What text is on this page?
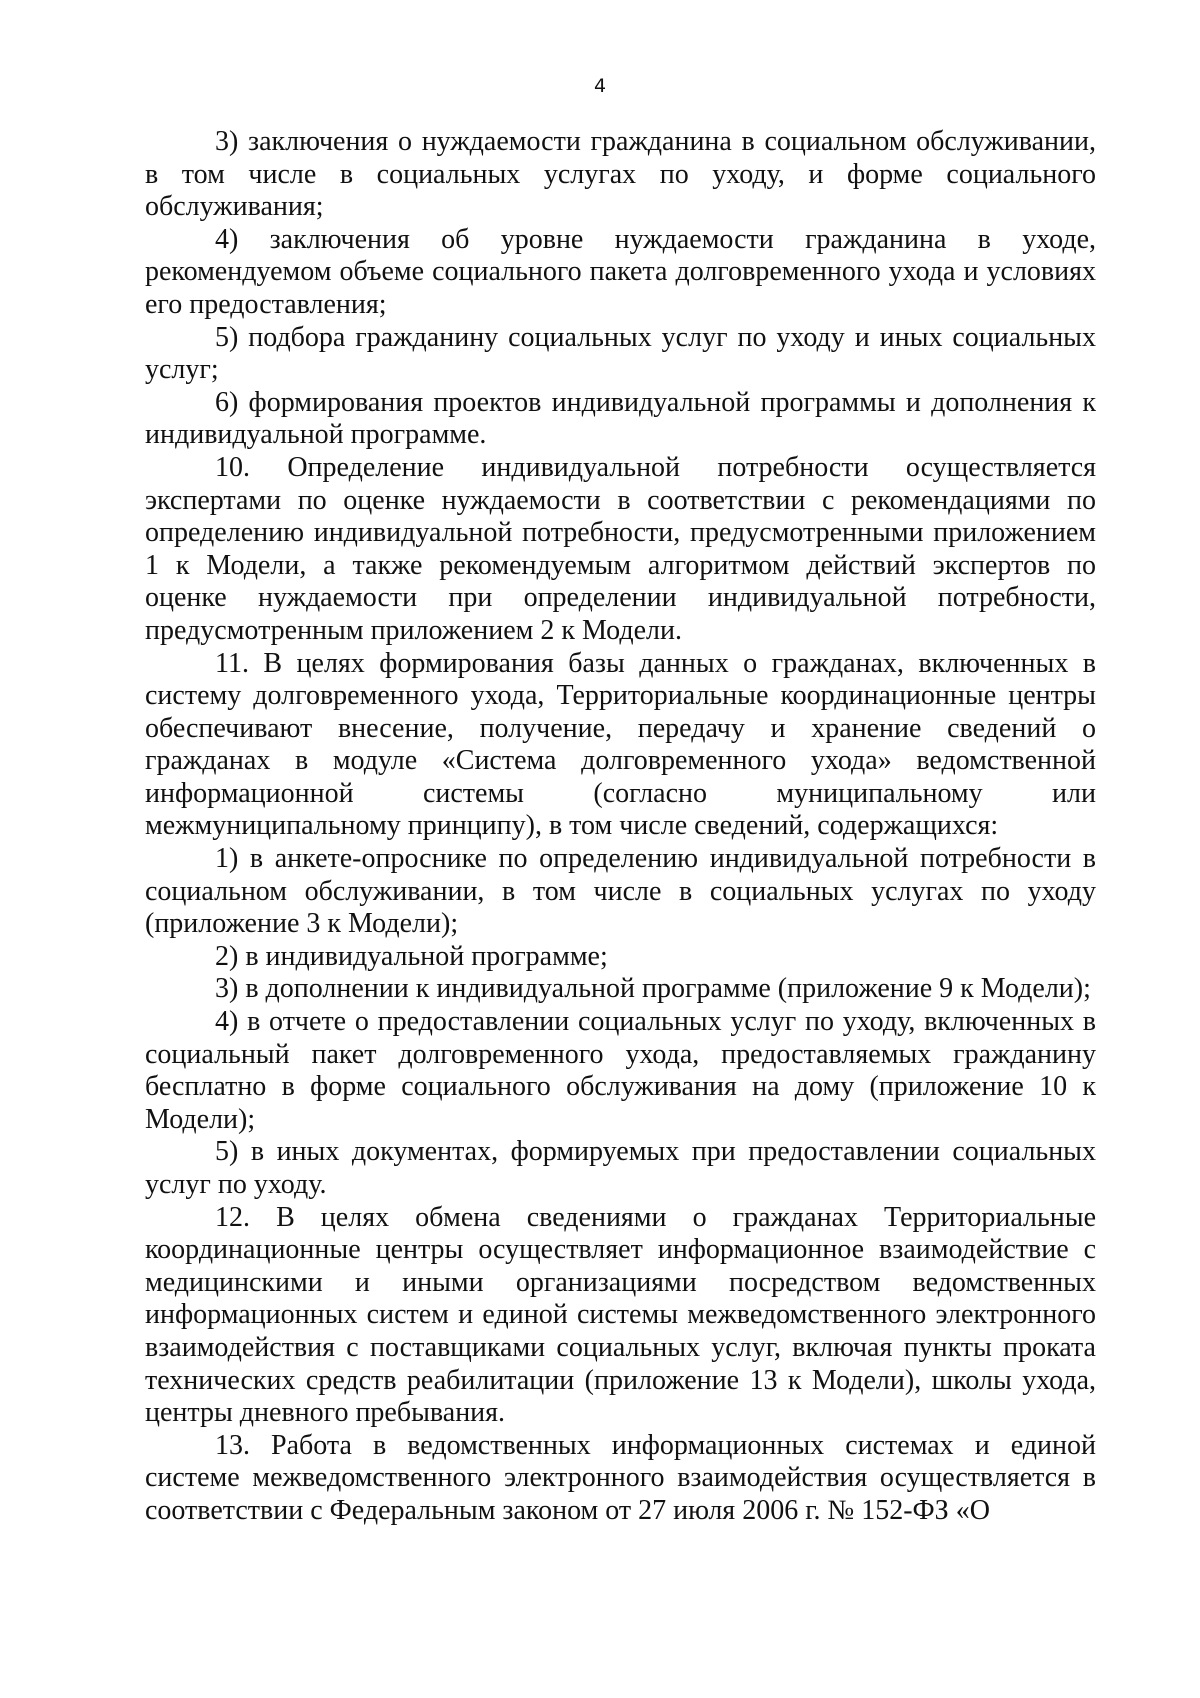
4

3) заключения о нуждаемости гражданина в социальном обслуживании, в том числе в социальных услугах по уходу, и форме социального обслуживания;

4) заключения об уровне нуждаемости гражданина в уходе, рекомендуемом объеме социального пакета долговременного ухода и условиях его предоставления;

5) подбора гражданину социальных услуг по уходу и иных социальных услуг;

6) формирования проектов индивидуальной программы и дополнения к индивидуальной программе.

10. Определение индивидуальной потребности осуществляется экспертами по оценке нуждаемости в соответствии с рекомендациями по определению индивидуальной потребности, предусмотренными приложением 1 к Модели, а также рекомендуемым алгоритмом действий экспертов по оценке нуждаемости при определении индивидуальной потребности, предусмотренным приложением 2 к Модели.

11. В целях формирования базы данных о гражданах, включенных в систему долговременного ухода, Территориальные координационные центры обеспечивают внесение, получение, передачу и хранение сведений о гражданах в модуле «Система долговременного ухода» ведомственной информационной системы (согласно муниципальному или межмуниципальному принципу), в том числе сведений, содержащихся:

1) в анкете-опроснике по определению индивидуальной потребности в социальном обслуживании, в том числе в социальных услугах по уходу (приложение 3 к Модели);

2) в индивидуальной программе;

3) в дополнении к индивидуальной программе (приложение 9 к Модели);

4) в отчете о предоставлении социальных услуг по уходу, включенных в социальный пакет долговременного ухода, предоставляемых гражданину бесплатно в форме социального обслуживания на дому (приложение 10 к Модели);

5) в иных документах, формируемых при предоставлении социальных услуг по уходу.

12. В целях обмена сведениями о гражданах Территориальные координационные центры осуществляет информационное взаимодействие с медицинскими и иными организациями посредством ведомственных информационных систем и единой системы межведомственного электронного взаимодействия с поставщиками социальных услуг, включая пункты проката технических средств реабилитации (приложение 13 к Модели), школы ухода, центры дневного пребывания.

13. Работа в ведомственных информационных системах и единой системе межведомственного электронного взаимодействия осуществляется в соответствии с Федеральным законом от 27 июля 2006 г. № 152-ФЗ «О
